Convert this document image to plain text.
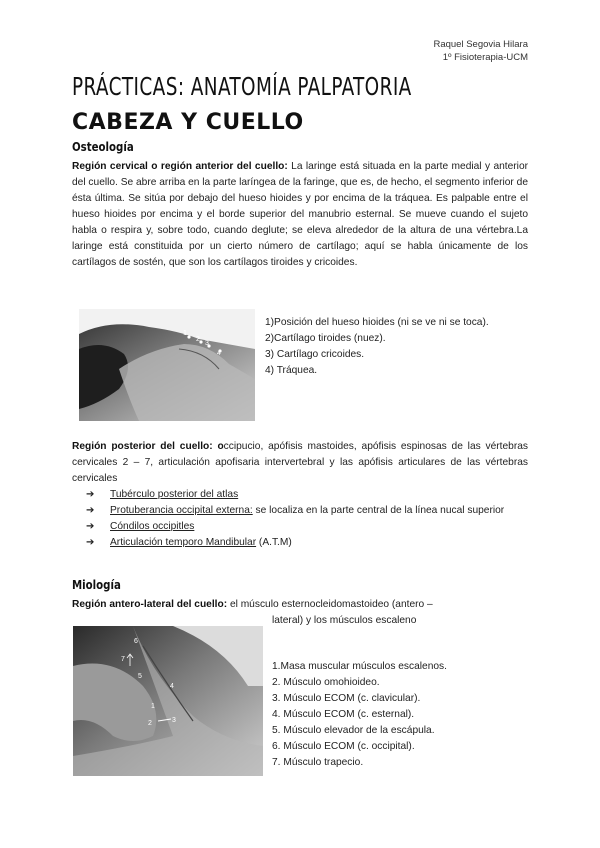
Raquel Segovia Hilara
1º Fisioterapia-UCM
PRÁCTICAS: ANATOMÍA PALPATORIA
CABEZA Y CUELLO
Osteología
Región cervical o región anterior del cuello: La laringe está situada en la parte medial y anterior del cuello. Se abre arriba en la parte laríngea de la faringe, que es, de hecho, el segmento inferior de ésta última. Se sitúa por debajo del hueso hioides y por encima de la tráquea. Es palpable entre el hueso hioides por encima y el borde superior del manubrio esternal. Se mueve cuando el sujeto habla o respira y, sobre todo, cuando deglute; se eleva alrededor de la altura de una vértebra.La laringe está constituida por un cierto número de cartílago; aquí se habla únicamente de los cartílagos de sostén, que son los cartílagos tiroides y cricoides.
1
2
3
4
1)Posición del hueso hioides (ni se ve ni se toca).
2)Cartílago tiroides (nuez).
3) Cartílago cricoides.
4) Tráquea.
Región posterior del cuello: occipucio, apófisis mastoides, apófisis espinosas de las vértebras cervicales 2 – 7, articulación apofisaria intervertebral y las apófisis articulares de las vértebras cervicales
➔ Tubérculo posterior del atlas
➔ Protuberancia occipital externa: se localiza en la parte central de la línea nucal superior
➔ Cóndilos occipitles
➔ Articulación temporo Mandibular (A.T.M)
Miología
Región antero-lateral del cuello: el músculo esternocleidomastoideo (antero –
lateral) y los músculos escaleno
6
7
5
4
1
2	3
1.Masa muscular músculos escalenos.
2. Músculo omohioideo.
3. Músculo ECOM (c. clavicular).
4. Músculo ECOM (c. esternal).
5. Músculo elevador de la escápula.
6. Músculo ECOM (c. occipital).
7. Músculo trapecio.
